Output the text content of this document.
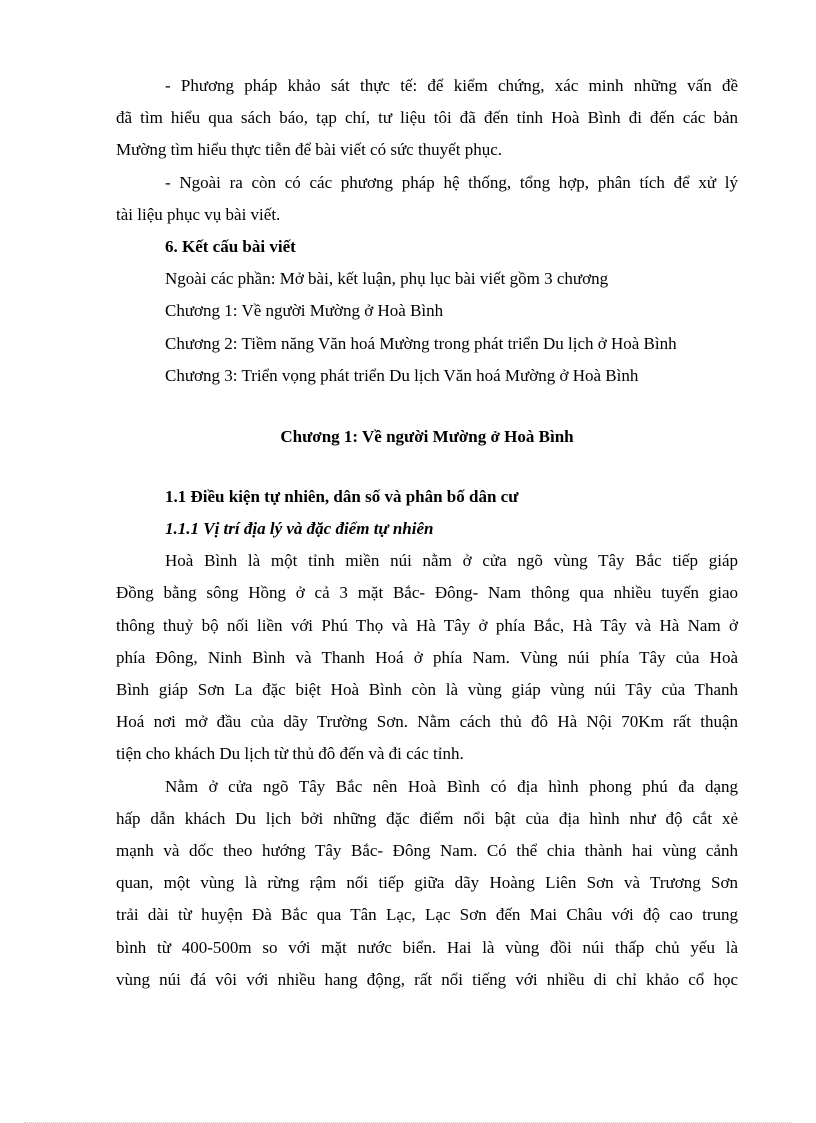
- Phương pháp khảo sát thực tế: để kiểm chứng, xác minh những vấn đề
đã tìm hiểu qua sách báo, tạp chí, tư liệu tôi đã đến tỉnh Hoà Bình đi đến các bản
Mường tìm hiểu thực tiễn để bài viết có sức thuyết phục.
- Ngoài ra còn có các phương pháp hệ thống, tổng hợp, phân tích để xử lý
tài liệu phục vụ bài viết.
6. Kết cấu bài viết
Ngoài các phần: Mở bài, kết luận, phụ lục bài viết gồm 3 chương
Chương 1: Về người Mường ở Hoà Bình
Chương 2: Tiềm năng Văn hoá Mường trong phát triển Du lịch ở Hoà Bình
Chương 3: Triển vọng phát triển Du lịch Văn hoá Mường ở Hoà Bình
Chương 1: Về người Mường ở Hoà Bình
1.1 Điều kiện tự nhiên, dân số và phân bố dân cư
1.1.1 Vị trí địa lý và đặc điểm tự nhiên
Hoà Bình là một tỉnh miền núi nằm ở cửa ngõ vùng Tây Bắc tiếp giáp
Đồng bằng sông Hồng ở cả 3 mặt Bắc- Đông- Nam thông qua nhiều tuyến giao
thông thuỷ bộ nối liền với Phú Thọ và Hà Tây ở phía Bắc, Hà Tây và Hà Nam ở
phía Đông, Ninh Bình và Thanh Hoá ở phía Nam. Vùng núi phía Tây của Hoà
Bình giáp Sơn La đặc biệt Hoà Bình còn là vùng giáp vùng núi Tây của Thanh
Hoá nơi mở đầu của dãy Trường Sơn. Nằm cách thủ đô Hà Nội 70Km rất thuận
tiện cho khách Du lịch từ thủ đô đến và đi các tỉnh.
Nằm ở cửa ngõ Tây Bắc nên Hoà Bình có địa hình phong phú đa dạng
hấp dẫn khách Du lịch bởi những đặc điểm nổi bật của địa hình như độ cắt xẻ
mạnh và dốc theo hướng Tây Bắc- Đông Nam. Có thể chia thành hai vùng cảnh
quan, một vùng là rừng rậm nối tiếp giữa dãy Hoàng Liên Sơn và Trương Sơn
trải dài từ huyện Đà Bắc qua Tân Lạc, Lạc Sơn đến Mai Châu với độ cao trung
bình từ 400-500m so với mặt nước biển. Hai là vùng đồi núi thấp chủ yếu là
vùng núi đá vôi với nhiều hang động, rất nổi tiếng với nhiều di chỉ khảo cổ học
